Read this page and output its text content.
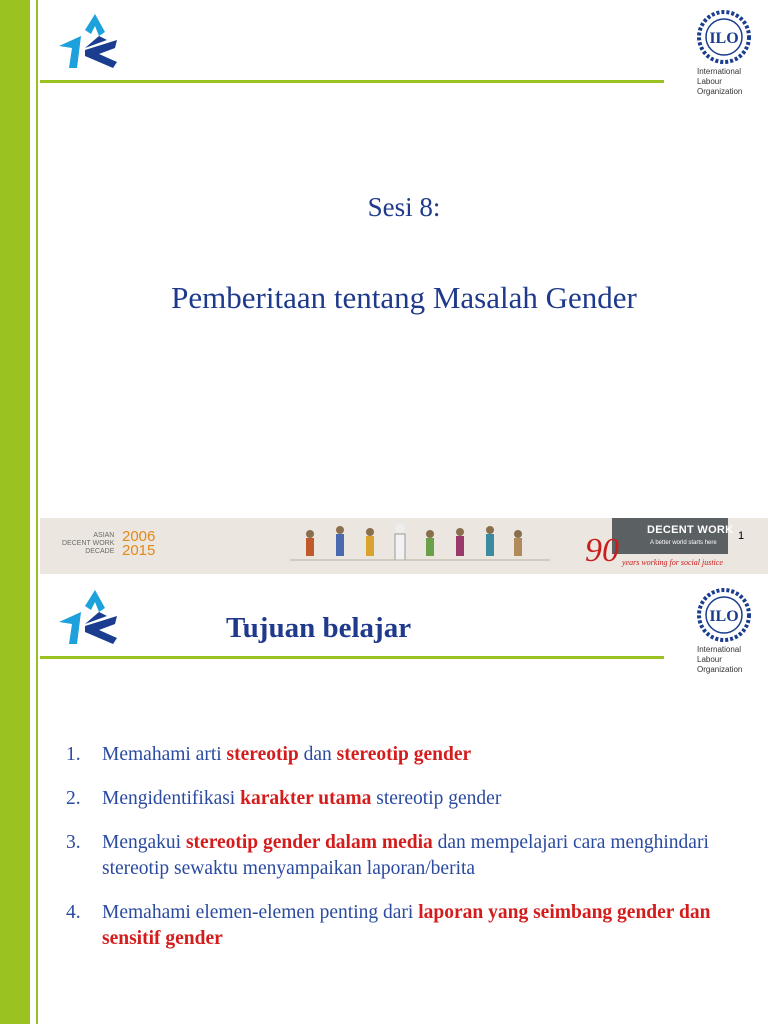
ILO
International
Labour
Organization
Sesi 8:
Pemberitaan tentang Masalah Gender
ASIAN
DECENT WORK
DECADE
2006
2015
DECENT WORK
A better world starts here
90 years working for social justice
1
Tujuan belajar	ILO
International
Labour
Organization
1. Memahami arti stereotip dan stereotip gender
2. Mengidentifikasi karakter utama stereotip gender
3. Mengakui stereotip gender dalam media dan mempelajari cara menghindari stereotip sewaktu menyampaikan laporan/berita
4. Memahami elemen-elemen penting dari laporan yang seimbang gender dan sensitif gender
